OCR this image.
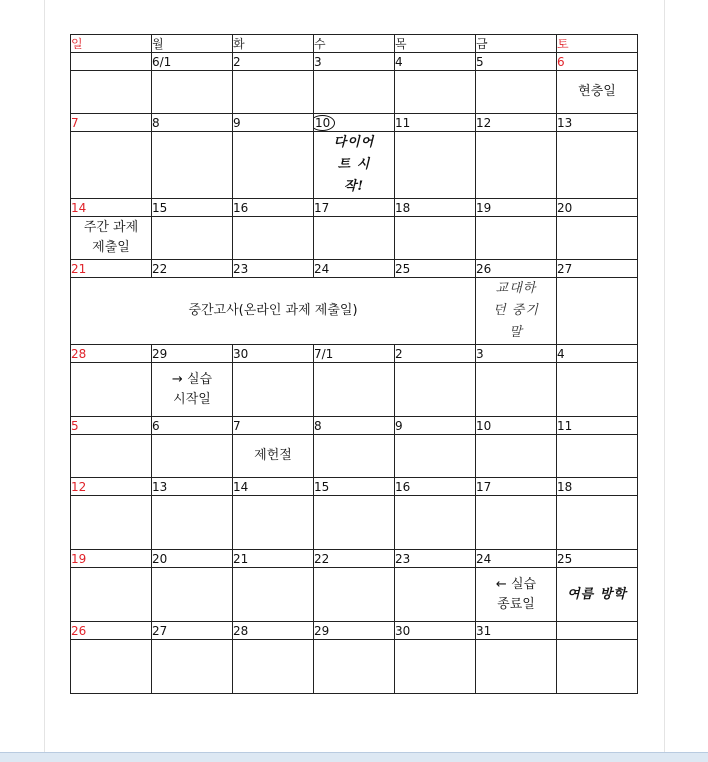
일	월	화	수	목	금	토
	6/1	2	3	4	5	6
						현충일
7	8	9	10	11	12	13

			다이어트 시작!			

14	15	16	17	18	19	20

주간 과제 제출일						

21	22	23	24	25	26	27
중간고사(온라인 과제 제출일)					교대하던 중기말	

28	29	30	7/1	2	3	4

	→ 실습 시작일					

5	6	7	8	9	10	11
		제헌절				
12	13	14	15	16	17	18

19	20	21	22	23	24	25

					← 실습 종료일	여름 방학
26	27	28	29	30	31	
